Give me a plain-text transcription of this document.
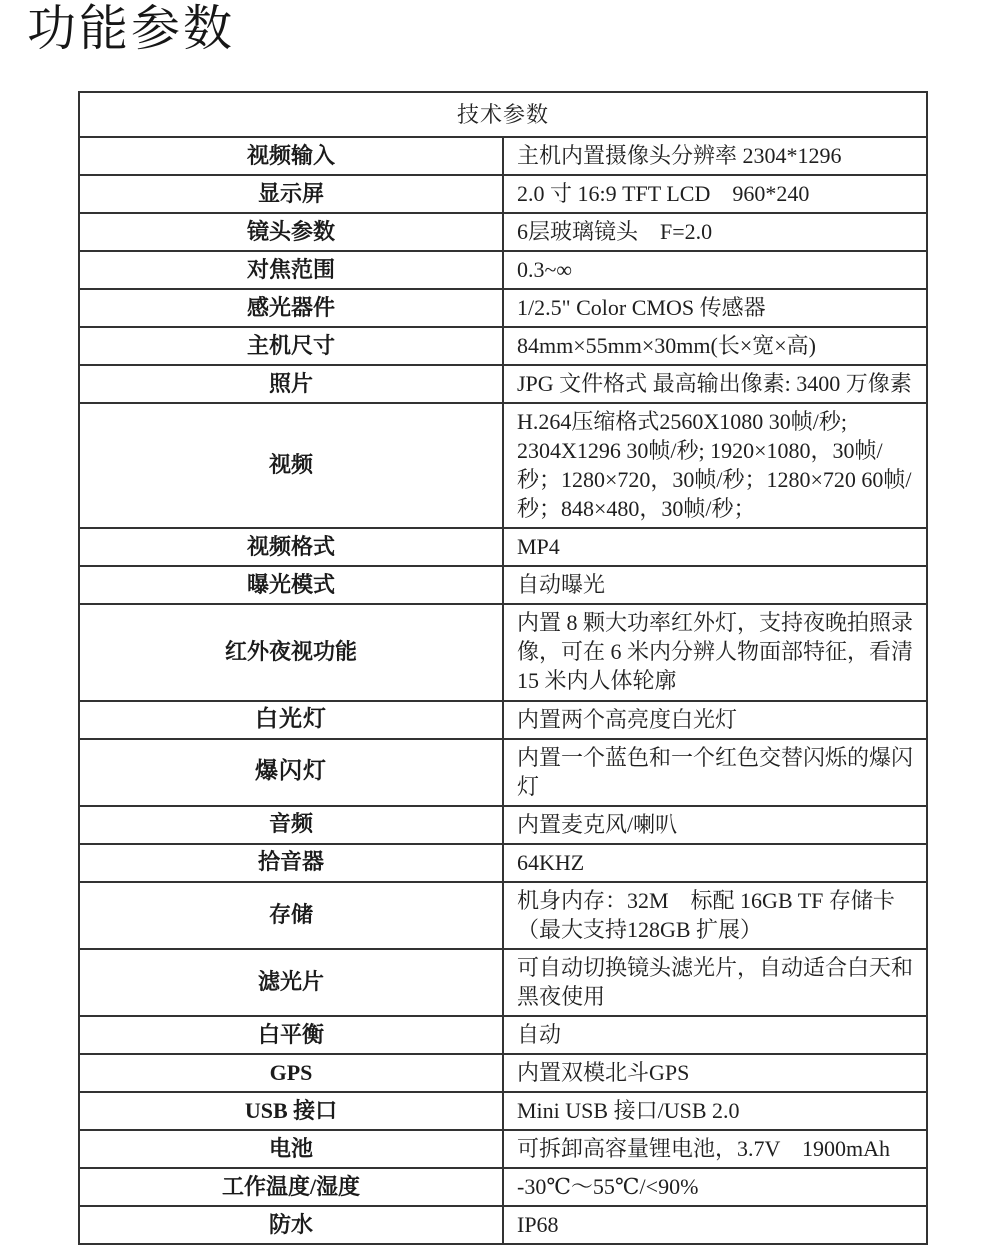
功能参数
技术参数	
视频输入	主机内置摄像头分辨率 2304*1296
显示屏	2.0 寸 16:9 TFT LCD　960*240
镜头参数	6层玻璃镜头　F=2.0
对焦范围	0.3~∞
感光器件	1/2.5" Color CMOS 传感器
主机尺寸	84mm×55mm×30mm(长×宽×高)
照片	JPG 文件格式 最高输出像素: 3400 万像素
视频	H.264压缩格式2560X1080 30帧/秒; 2304X1296 30帧/秒; 1920×1080，30帧/秒；1280×720，30帧/秒；1280×720 60帧/秒；848×480，30帧/秒；
视频格式	MP4
曝光模式	自动曝光
红外夜视功能	内置 8 颗大功率红外灯，支持夜晚拍照录像，可在 6 米内分辨人物面部特征，看清 15 米内人体轮廓
白光灯	内置两个高亮度白光灯
爆闪灯	内置一个蓝色和一个红色交替闪烁的爆闪灯
音频	内置麦克风/喇叭
拾音器	64KHZ
存储	机身内存：32M　标配 16GB TF 存储卡（最大支持128GB 扩展）
滤光片	可自动切换镜头滤光片，自动适合白天和黑夜使用
白平衡	自动
GPS	内置双模北斗GPS
USB 接口	Mini USB 接口/USB 2.0
电池	可拆卸高容量锂电池，3.7V　1900mAh
工作温度/湿度	-30℃～55℃/<90%
防水	IP68
